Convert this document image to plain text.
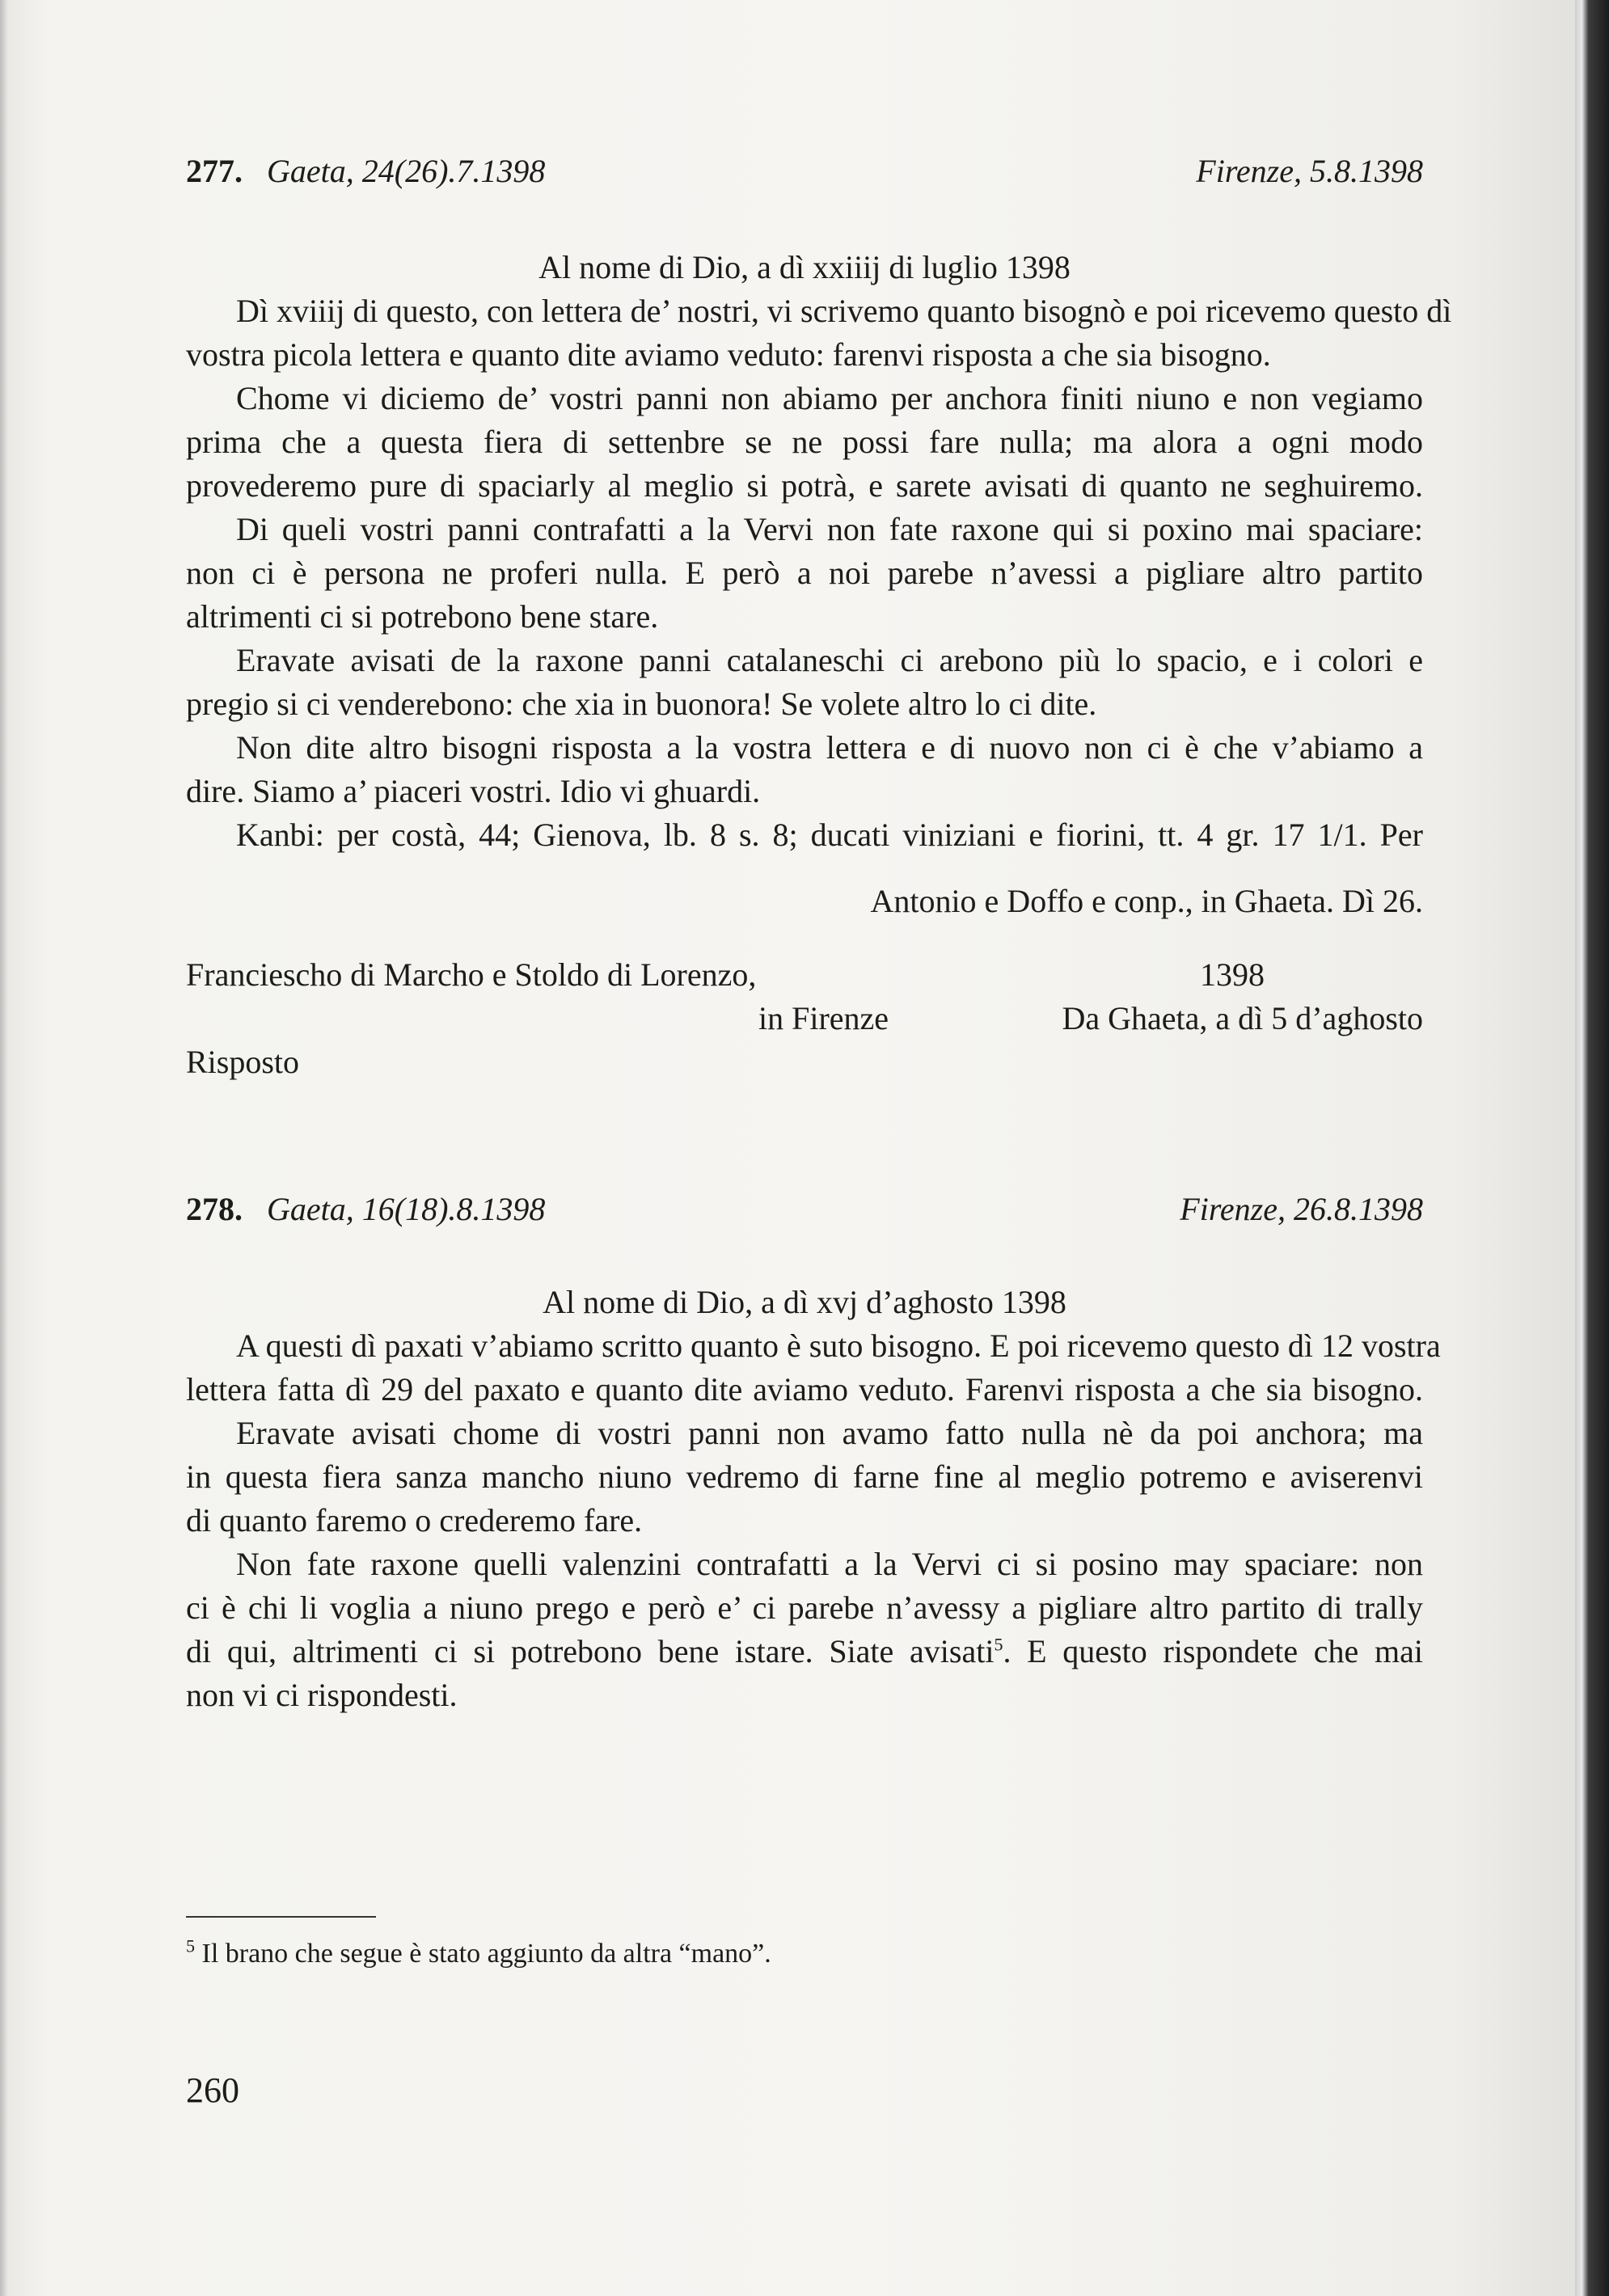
277. Gaeta, 24(26).7.1398	Firenze, 5.8.1398
Al nome di Dio, a dì xxiiij di luglio 1398
Dì xviiij di questo, con lettera de’ nostri, vi scrivemo quanto bisognò e poi ricevemo questo dì
vostra picola lettera e quanto dite aviamo veduto: farenvi risposta a che sia bisogno.
Chome vi diciemo de’ vostri panni non abiamo per anchora finiti niuno e non vegiamo
prima che a questa fiera di settenbre se ne possi fare nulla; ma alora a ogni modo
provederemo pure di spaciarly al meglio si potrà, e sarete avisati di quanto ne seghuiremo.
Di queli vostri panni contrafatti a la Vervi non fate raxone qui si poxino mai spaciare:
non ci è persona ne proferi nulla. E però a noi parebe n’avessi a pigliare altro partito
altrimenti ci si potrebono bene stare.
Eravate avisati de la raxone panni catalaneschi ci arebono più lo spacio, e i colori e
pregio si ci venderebono: che xia in buonora! Se volete altro lo ci dite.
Non dite altro bisogni risposta a la vostra lettera e di nuovo non ci è che v’abiamo a
dire. Siamo a’ piaceri vostri. Idio vi ghuardi.
Kanbi: per costà, 44; Gienova, lb. 8 s. 8; ducati viniziani e fiorini, tt. 4 gr. 17 1/1. Per
Antonio e Doffo e conp., in Ghaeta. Dì 26.
Franciescho di Marcho e Stoldo di Lorenzo,	1398
in Firenze	Da Ghaeta, a dì 5 d’aghosto
Risposto
278. Gaeta, 16(18).8.1398	Firenze, 26.8.1398
Al nome di Dio, a dì xvj d’aghosto 1398
A questi dì paxati v’abiamo scritto quanto è suto bisogno. E poi ricevemo questo dì 12 vostra
lettera fatta dì 29 del paxato e quanto dite aviamo veduto. Farenvi risposta a che sia bisogno.
Eravate avisati chome di vostri panni non avamo fatto nulla nè da poi anchora; ma
in questa fiera sanza mancho niuno vedremo di farne fine al meglio potremo e aviserenvi
di quanto faremo o crederemo fare.
Non fate raxone quelli valenzini contrafatti a la Vervi ci si posino may spaciare: non
ci è chi li voglia a niuno prego e però e’ ci parebe n’avessy a pigliare altro partito di trally
di qui, altrimenti ci si potrebono bene istare. Siate avisati$^5$. E questo rispondete che mai
non vi ci rispondesti.
$^5$ Il brano che segue è stato aggiunto da altra “mano”.
260
